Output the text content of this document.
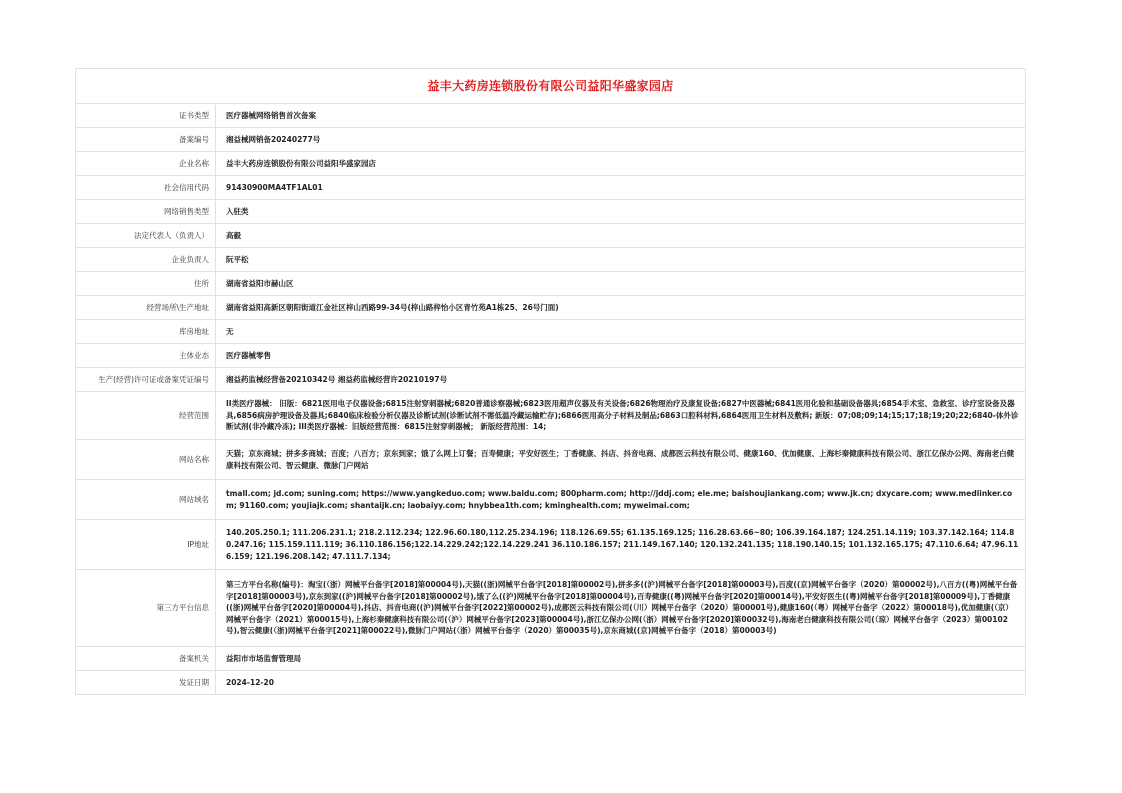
益丰大药房连锁股份有限公司益阳华盛家园店	
证书类型	医疗器械网络销售首次备案
备案编号	湘益械网销备20240277号
企业名称	益丰大药房连锁股份有限公司益阳华盛家园店
社会信用代码	91430900MA4TF1AL01
网络销售类型	入驻类
法定代表人（负责人）	高毅
企业负责人	阮平松
住所	湖南省益阳市赫山区
经营场所\生产地址	湖南省益阳高新区朝阳街道江金社区梓山西路99-34号(梓山路梓怡小区青竹苑A1栋25、26号门面)
库房地址	无
主体业态	医疗器械零售
生产(经营)许可证或备案凭证编号	湘益药监械经营备20210342号 湘益药监械经营许20210197号
经营范围	II类医疗器械： 旧版：6821医用电子仪器设备;6815注射穿刺器械;6820普通诊察器械;6823医用超声仪器及有关设备;6826物理治疗及康复设备;6827中医器械;6841医用化验和基础设备器具;6854手术室、急救室、诊疗室设备及器具,6856病房护理设备及器具;6840临床检验分析仪器及诊断试剂(诊断试剂不需低温冷藏运输贮存);6866医用高分子材料及制品;6863口腔科材料,6864医用卫生材料及敷料; 新版：07;08;09;14;15;17;18;19;20;22;6840-体外诊断试剂(非冷藏冷冻); III类医疗器械：旧版经营范围：6815注射穿刺器械； 新版经营范围：14;
网站名称	天猫；京东商城；拼多多商城；百度；八百方；京东到家；饿了么网上订餐；百寿健康；平安好医生；丁香健康、抖店、抖音电商、成都医云科技有限公司、健康160、优加健康、上海杉秦健康科技有限公司、浙江亿保办公网、海南老白健康科技有限公司、智云健康、微脉门户网站
网站域名	tmall.com; jd.com; suning.com; https://www.yangkeduo.com; www.baidu.com; 800pharm.com; http://jddj.com; ele.me; baishoujiankang.com; www.jk.cn; dxycare.com; www.medlinker.com; 91160.com; youjiajk.com; shantaijk.cn; laobaiyy.com; hnybbea1th.com; kminghealth.com; myweimai.com;
IP地址	140.205.250.1; 111.206.231.1; 218.2.112.234; 122.96.60.180,112.25.234.196; 118.126.69.55; 61.135.169.125; 116.28.63.66~80; 106.39.164.187; 124.251.14.119; 103.37.142.164; 114.80.247.16; 115.159.111.119; 36.110.186.156;122.14.229.242;122.14.229.241 36.110.186.157; 211.149.167.140; 120.132.241.135; 118.190.140.15; 101.132.165.175; 47.110.6.64; 47.96.116.159; 121.196.208.142; 47.111.7.134;
第三方平台信息	第三方平台名称(编号)：淘宝(（浙）网械平台备字[2018]第00004号),天猫((浙)网械平台备字[2018]第00002号),拼多多((沪)网械平台备字[2018]第00003号),百度((京)网械平台备字（2020）第00002号),八百方((粤)网械平台备字[2018]第00003号),京东到家((沪)网械平台备字[2018]第00002号),饿了么((沪)网械平台备字[2018]第00004号),百寿健康((粤)网械平台备字[2020]第00014号),平安好医生((粤)网械平台备字[2018]第00009号),丁香健康((浙)网械平台备字[2020]第00004号),抖店、抖音电商((沪)网械平台备字[2022]第00002号),成都医云科技有限公司(（川）网械平台备字（2020）第00001号),健康160(（粤）网械平台备字（2022）第00018号),优加健康(（京）网械平台备字（2021）第00015号),上海杉秦健康科技有限公司(（沪）网械平台备字[2023]第00004号),浙江亿保办公网(（浙）网械平台备字[2020]第00032号),海南老白健康科技有限公司(（琼）网械平台备字（2023）第00102号),智云健康(（浙)网械平台备字[2021]第00022号),微脉门户网站(（浙）网械平台备字（2020）第00035号),京东商城((京)网械平台备字（2018）第00003号)
备案机关	益阳市市场监督管理局
发证日期	2024-12-20
